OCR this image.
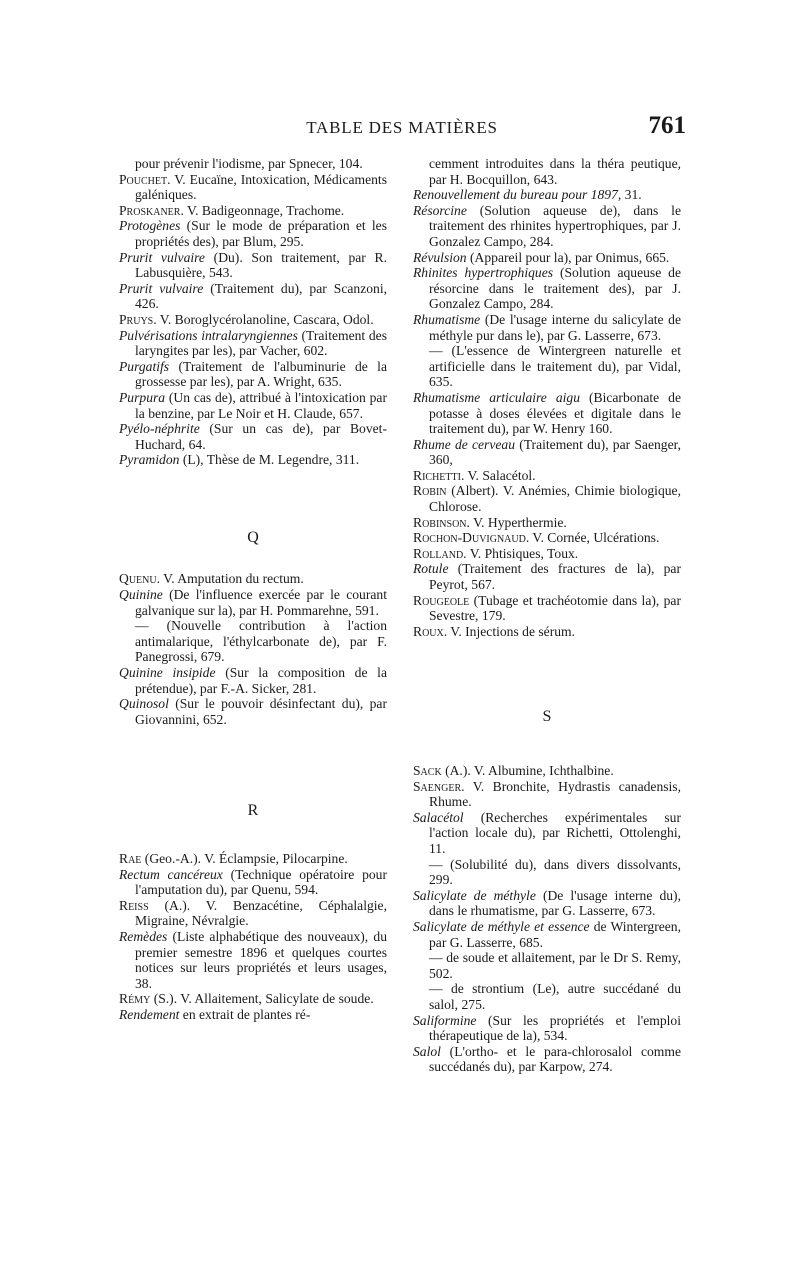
TABLE DES MATIÈRES	761

pour prévenir l'iodisme, par Spnecer, 104.

Pouchet. V. Eucaïne, Intoxication, Médicaments galéniques.

Proskaner. V. Badigeonnage, Trachome.

Protogènes (Sur le mode de préparation et les propriétés des), par Blum, 295.

Prurit vulvaire (Du). Son traitement, par R. Labusquière, 543.

Prurit vulvaire (Traitement du), par Scanzoni, 426.

Pruys. V. Boroglycérolanoline, Cascara, Odol.

Pulvérisations intralaryngiennes (Traitement des laryngites par les), par Vacher, 602.

Purgatifs (Traitement de l'albuminurie de la grossesse par les), par A. Wright, 635.

Purpura (Un cas de), attribué à l'intoxication par la benzine, par Le Noir et H. Claude, 657.

Pyélo-néphrite (Sur un cas de), par Bovet-Huchard, 64.

Pyramidon (L), Thèse de M. Legendre, 311.

Q

Quenu. V. Amputation du rectum.

Quinine (De l'influence exercée par le courant galvanique sur la), par H. Pommarehne, 591.

— (Nouvelle contribution à l'action antimalarique, l'éthylcarbonate de), par F. Panegrossi, 679.

Quinine insipide (Sur la composition de la prétendue), par F.-A. Sicker, 281.

Quinosol (Sur le pouvoir désinfectant du), par Giovannini, 652.

R

Rae (Geo.-A.). V. Éclampsie, Pilocarpine.

Rectum cancéreux (Technique opératoire pour l'amputation du), par Quenu, 594.

Reiss (A.). V. Benzacétine, Céphalalgie, Migraine, Névralgie.

Remèdes (Liste alphabétique des nouveaux), du premier semestre 1896 et quelques courtes notices sur leurs propriétés et leurs usages, 38.

Rémy (S.). V. Allaitement, Salicylate de soude.

Rendement en extrait de plantes ré-

cemment introduites dans la théra peutique, par H. Bocquillon, 643.

Renouvellement du bureau pour 1897, 31.

Résorcine (Solution aqueuse de), dans le traitement des rhinites hypertrophiques, par J. Gonzalez Campo, 284.

Révulsion (Appareil pour la), par Onimus, 665.

Rhinites hypertrophiques (Solution aqueuse de résorcine dans le traitement des), par J. Gonzalez Campo, 284.

Rhumatisme (De l'usage interne du salicylate de méthyle pur dans le), par G. Lasserre, 673.

— (L'essence de Wintergreen naturelle et artificielle dans le traitement du), par Vidal, 635.

Rhumatisme articulaire aigu (Bicarbonate de potasse à doses élevées et digitale dans le traitement du), par W. Henry 160.

Rhume de cerveau (Traitement du), par Saenger, 360,

Richetti. V. Salacétol.

Robin (Albert). V. Anémies, Chimie biologique, Chlorose.

Robinson. V. Hyperthermie.

Rochon-Duvignaud. V. Cornée, Ulcérations.

Rolland. V. Phtisiques, Toux.

Rotule (Traitement des fractures de la), par Peyrot, 567.

Rougeole (Tubage et trachéotomie dans la), par Sevestre, 179.

Roux. V. Injections de sérum.

S

Sack (A.). V. Albumine, Ichthalbine.

Saenger. V. Bronchite, Hydrastis canadensis, Rhume.

Salacétol (Recherches expérimentales sur l'action locale du), par Richetti, Ottolenghi, 11.

— (Solubilité du), dans divers dissolvants, 299.

Salicylate de méthyle (De l'usage interne du), dans le rhumatisme, par G. Lasserre, 673.

Salicylate de méthyle et essence de Wintergreen, par G. Lasserre, 685.

— de soude et allaitement, par le Dr S. Remy, 502.

— de strontium (Le), autre succédané du salol, 275.

Saliformine (Sur les propriétés et l'emploi thérapeutique de la), 534.

Salol (L'ortho- et le para-chlorosalol comme succédanés du), par Karpow, 274.
